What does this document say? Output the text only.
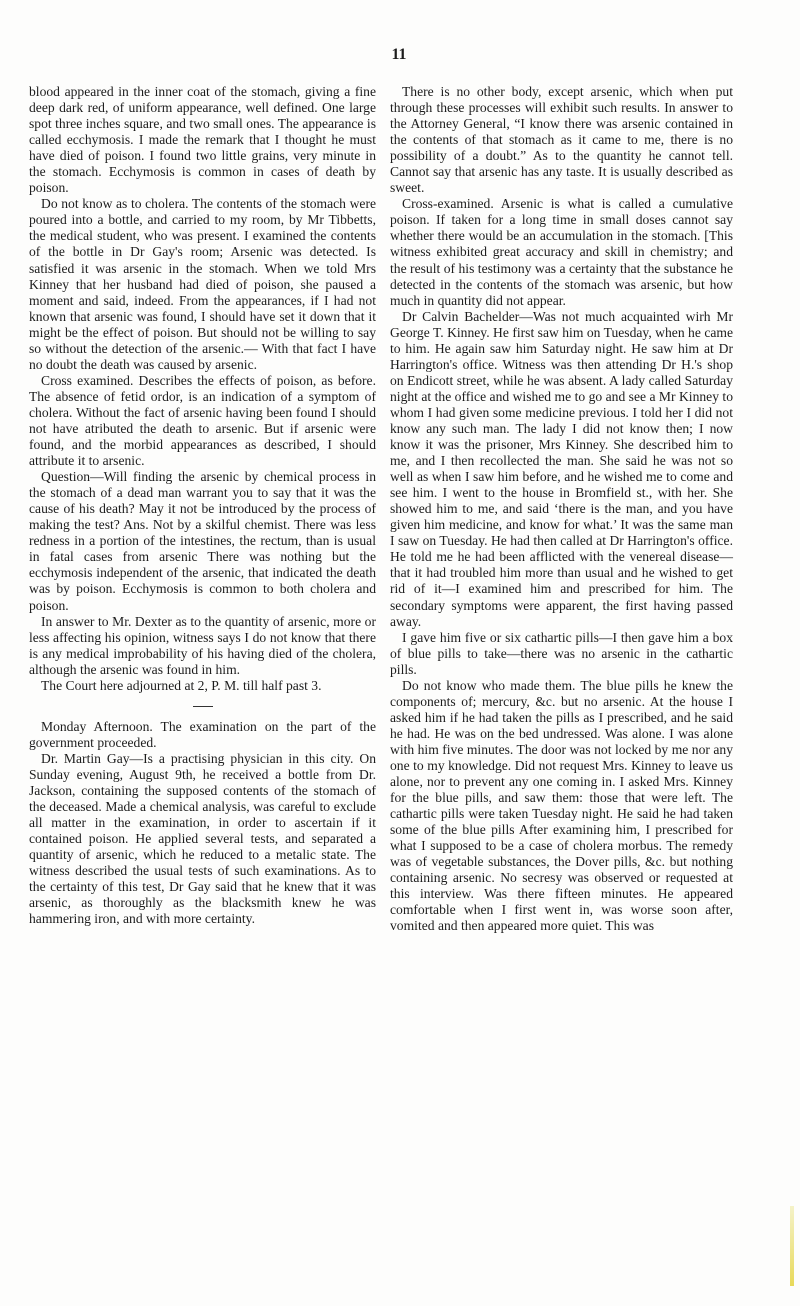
11

blood appeared in the inner coat of the stomach, giving a fine deep dark red, of uniform appearance, well defined. One large spot three inches square, and two small ones. The appearance is called ecchymosis. I made the remark that I thought he must have died of poison. I found two little grains, very minute in the stomach. Ecchymosis is common in cases of death by poison.

Do not know as to cholera. The contents of the stomach were poured into a bottle, and carried to my room, by Mr Tibbetts, the medical student, who was present. I examined the contents of the bottle in Dr Gay's room; Arsenic was detected. Is satisfied it was arsenic in the stomach. When we told Mrs Kinney that her husband had died of poison, she paused a moment and said, indeed. From the appearances, if I had not known that arsenic was found, I should have set it down that it might be the effect of poison. But should not be willing to say so without the detection of the arsenic.— With that fact I have no doubt the death was caused by arsenic.

Cross examined. Describes the effects of poison, as before. The absence of fetid ordor, is an indication of a symptom of cholera. Without the fact of arsenic having been found I should not have atributed the death to arsenic. But if arsenic were found, and the morbid appearances as described, I should attribute it to arsenic.

Question—Will finding the arsenic by chemical process in the stomach of a dead man warrant you to say that it was the cause of his death? May it not be introduced by the process of making the test? Ans. Not by a skilful chemist. There was less redness in a portion of the intestines, the rectum, than is usual in fatal cases from arsenic There was nothing but the ecchymosis independent of the arsenic, that indicated the death was by poison. Ecchymosis is common to both cholera and poison.

In answer to Mr. Dexter as to the quantity of arsenic, more or less affecting his opinion, witness says I do not know that there is any medical improbability of his having died of the cholera, although the arsenic was found in him.

The Court here adjourned at 2, P. M. till half past 3.

Monday Afternoon. The examination on the part of the government proceeded.

Dr. Martin Gay—Is a practising physician in this city. On Sunday evening, August 9th, he received a bottle from Dr. Jackson, containing the supposed contents of the stomach of the deceased. Made a chemical analysis, was careful to exclude all matter in the examination, in order to ascertain if it contained poison. He applied several tests, and separated a quantity of arsenic, which he reduced to a metalic state. The witness described the usual tests of such examinations. As to the certainty of this test, Dr Gay said that he knew that it was arsenic, as thoroughly as the blacksmith knew he was hammering iron, and with more certainty.

There is no other body, except arsenic, which when put through these processes will exhibit such results. In answer to the Attorney General, “I know there was arsenic contained in the contents of that stomach as it came to me, there is no possibility of a doubt.” As to the quantity he cannot tell. Cannot say that arsenic has any taste. It is usually described as sweet.

Cross-examined. Arsenic is what is called a cumulative poison. If taken for a long time in small doses cannot say whether there would be an accumulation in the stomach. [This witness exhibited great accuracy and skill in chemistry; and the result of his testimony was a certainty that the substance he detected in the contents of the stomach was arsenic, but how much in quantity did not appear.

Dr Calvin Bachelder—Was not much acquainted wirh Mr George T. Kinney. He first saw him on Tuesday, when he came to him. He again saw him Saturday night. He saw him at Dr Harrington's office. Witness was then attending Dr H.'s shop on Endicott street, while he was absent. A lady called Saturday night at the office and wished me to go and see a Mr Kinney to whom I had given some medicine previous. I told her I did not know any such man. The lady I did not know then; I now know it was the prisoner, Mrs Kinney. She described him to me, and I then recollected the man. She said he was not so well as when I saw him before, and he wished me to come and see him. I went to the house in Bromfield st., with her. She showed him to me, and said ‘there is the man, and you have given him medicine, and know for what.’ It was the same man I saw on Tuesday. He had then called at Dr Harrington's office. He told me he had been afflicted with the venereal disease—that it had troubled him more than usual and he wished to get rid of it—I examined him and prescribed for him. The secondary symptoms were apparent, the first having passed away.

I gave him five or six cathartic pills—I then gave him a box of blue pills to take—there was no arsenic in the cathartic pills.

Do not know who made them. The blue pills he knew the components of; mercury, &c. but no arsenic. At the house I asked him if he had taken the pills as I prescribed, and he said he had. He was on the bed undressed. Was alone. I was alone with him five minutes. The door was not locked by me nor any one to my knowledge. Did not request Mrs. Kinney to leave us alone, nor to prevent any one coming in. I asked Mrs. Kinney for the blue pills, and saw them: those that were left. The cathartic pills were taken Tuesday night. He said he had taken some of the blue pills After examining him, I prescribed for what I supposed to be a case of cholera morbus. The remedy was of vegetable substances, the Dover pills, &c. but nothing containing arsenic. No secresy was observed or requested at this interview. Was there fifteen minutes. He appeared comfortable when I first went in, was worse soon after, vomited and then appeared more quiet. This was
